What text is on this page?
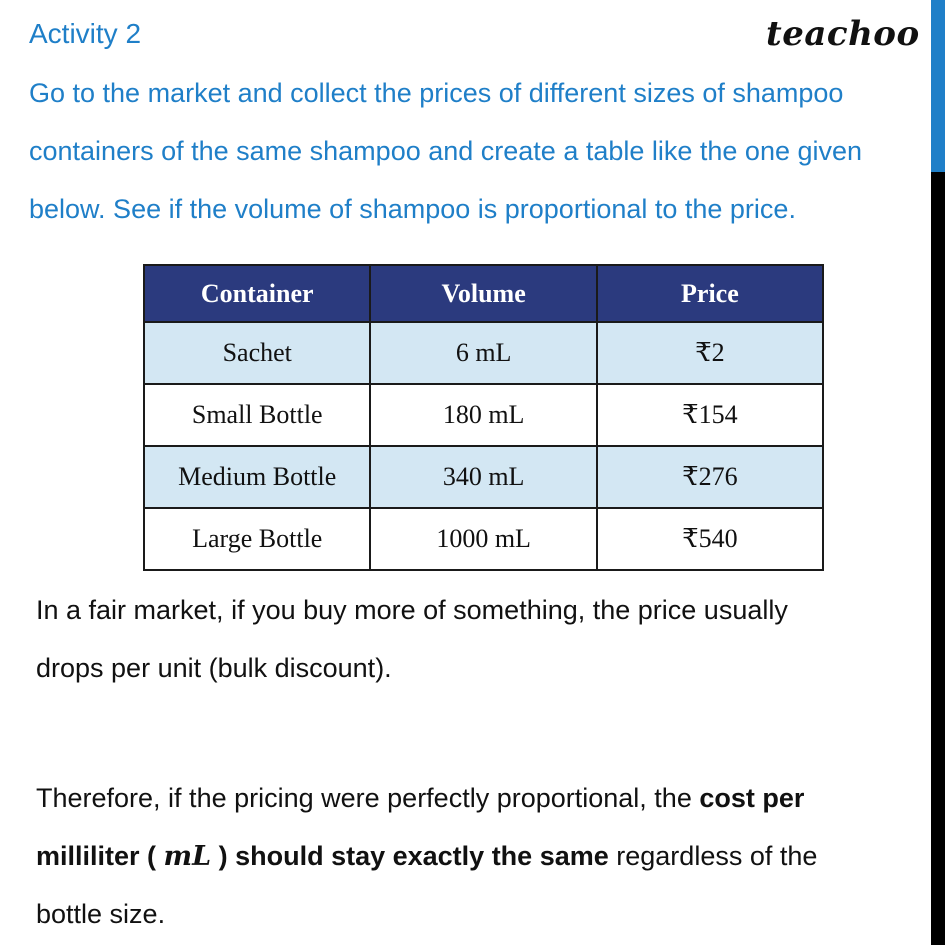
Activity 2	teachoo
Go to the market and collect the prices of different sizes of shampoo
containers of the same shampoo and create a table like the one given
below. See if the volume of shampoo is proportional to the price.
Container	Volume	Price
Sachet	6 mL	₹2
Small Bottle	180 mL	₹154
Medium Bottle	340 mL	₹276
Large Bottle	1000 mL	₹540
In a fair market, if you buy more of something, the price usually
drops per unit (bulk discount).
Therefore, if the pricing were perfectly proportional, the cost per
milliliter ( mL ) should stay exactly the same regardless of the
bottle size.
